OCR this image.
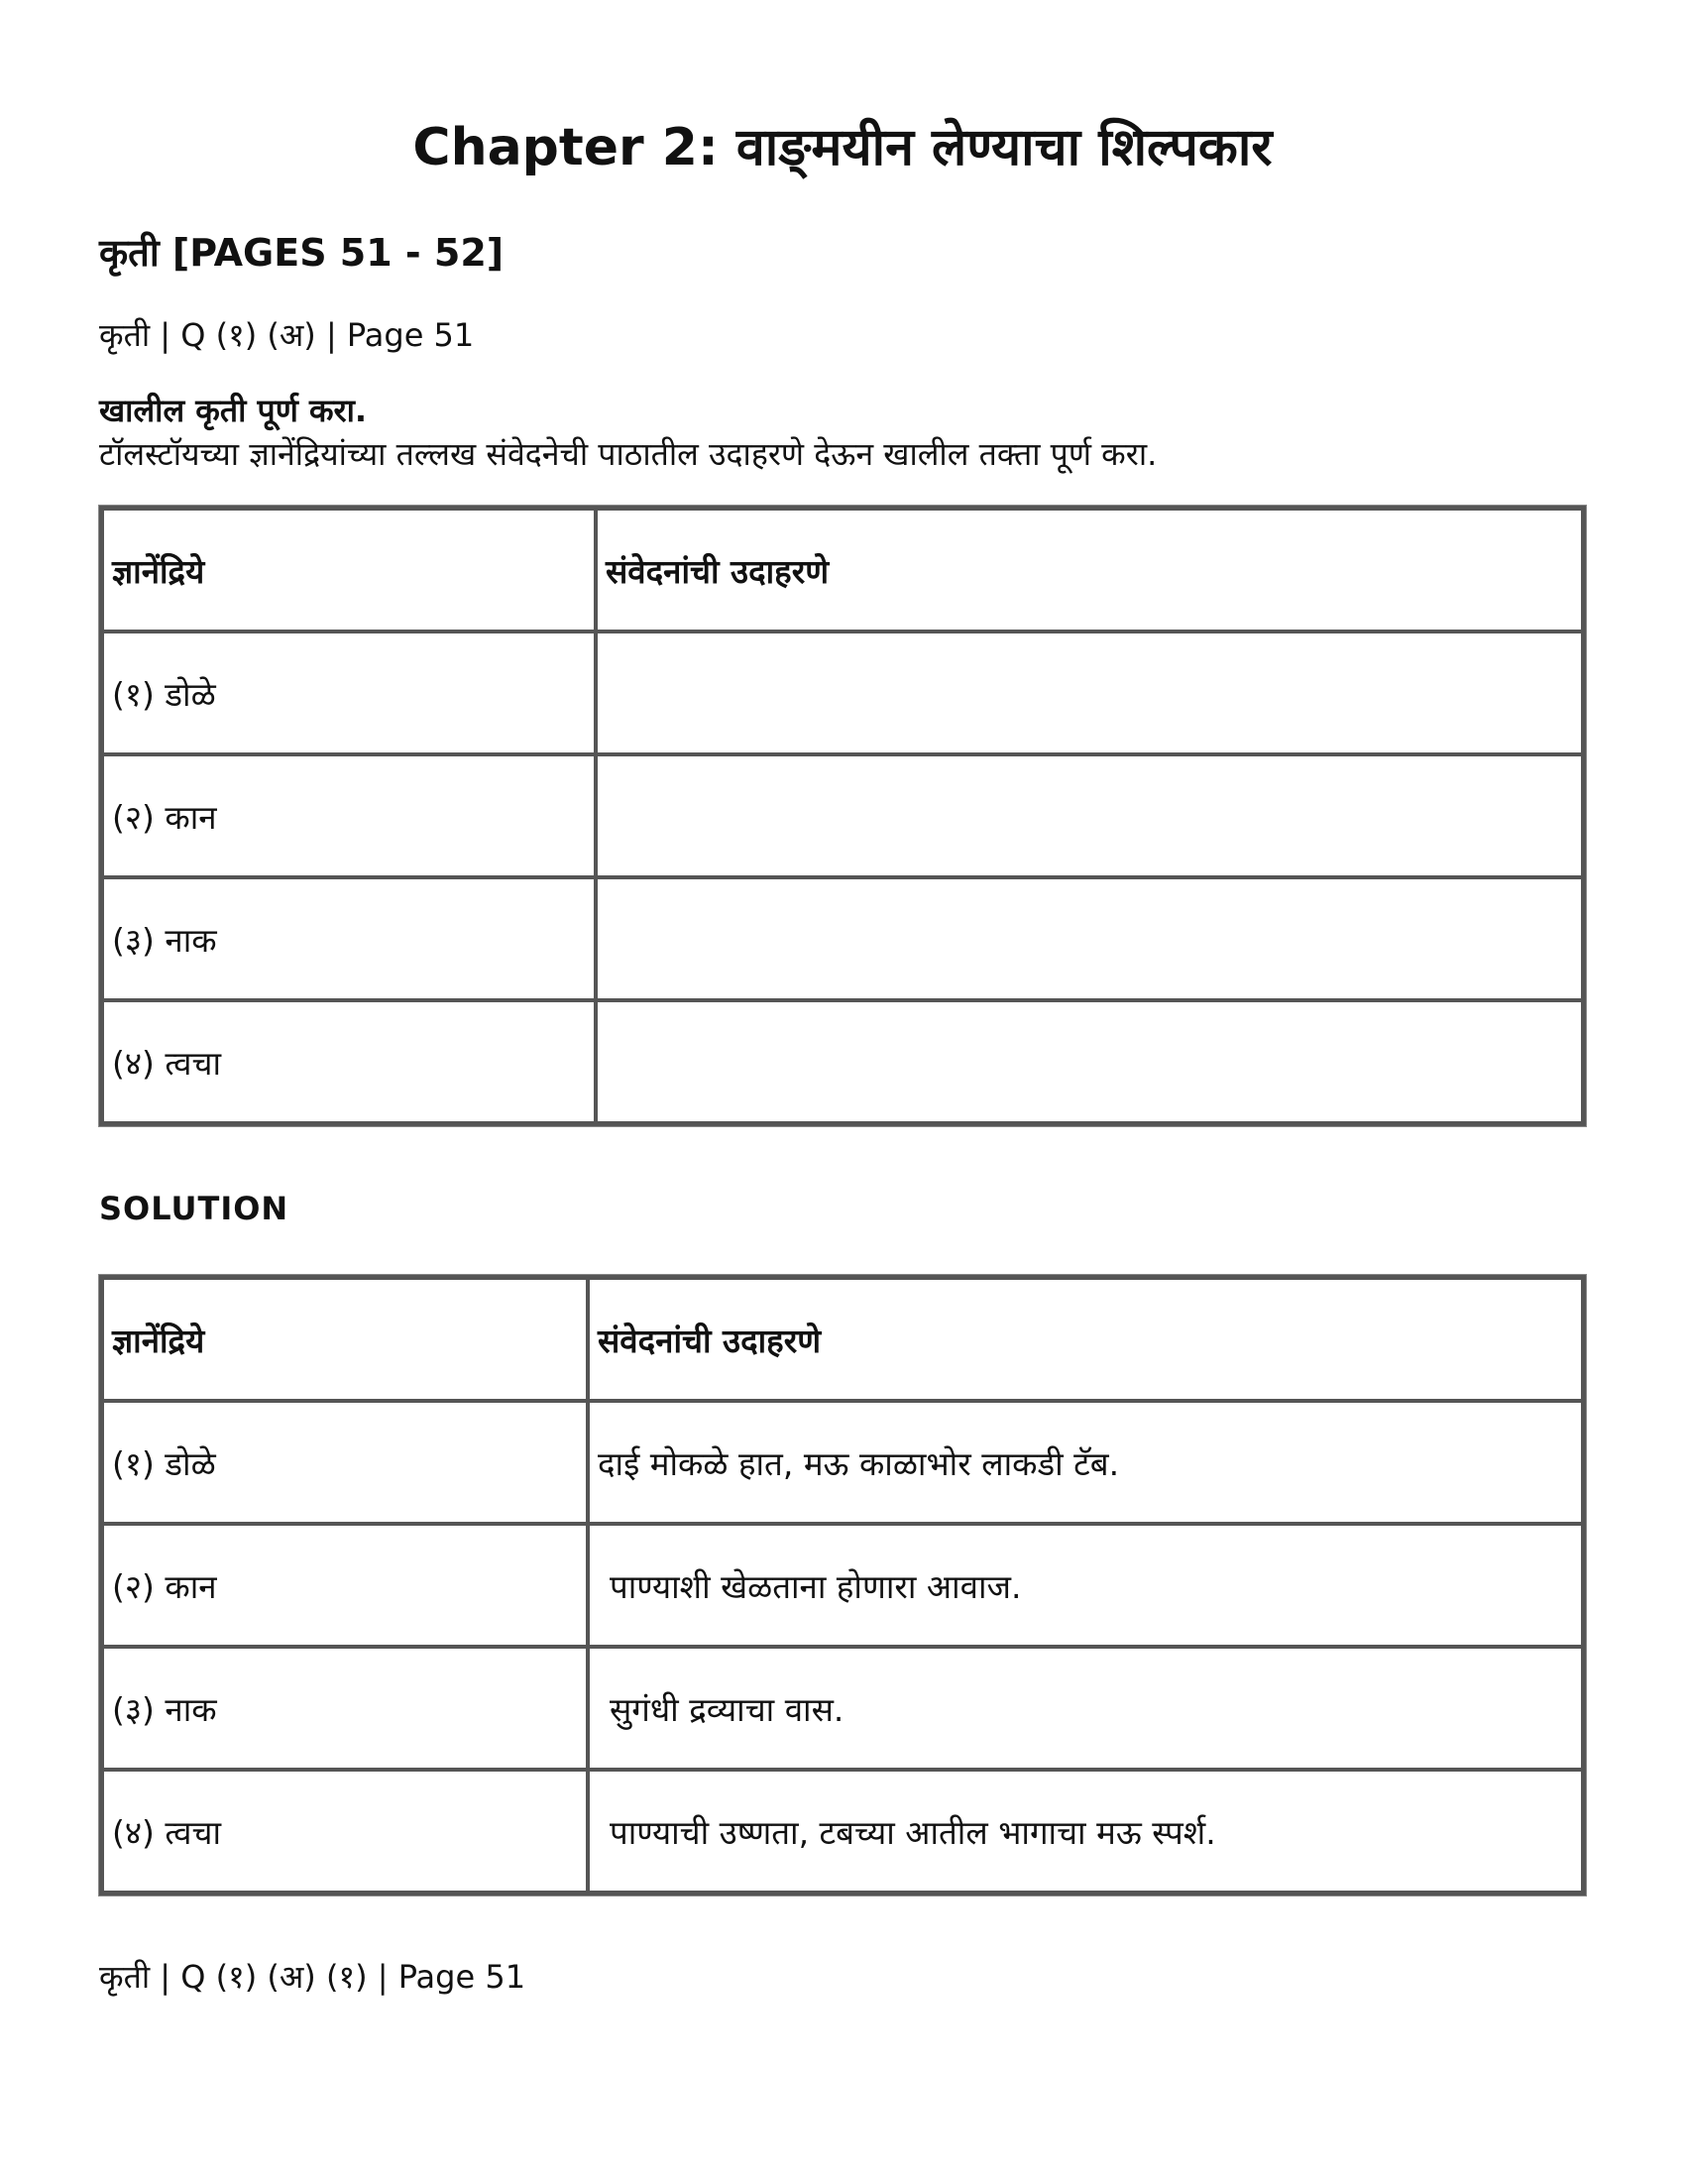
Chapter 2: वाङ्‌मयीन लेण्याचा शिल्पकार
कृती [PAGES 51 - 52]

कृती | Q (१) (अ) | Page 51

खालील कृती पूर्ण करा.

टॉलस्टॉयच्या ज्ञानेंद्रियांच्या तल्लख संवेदनेची पाठातील उदाहरणे देऊन खालील तक्ता पूर्ण करा.

ज्ञानेंद्रिये	संवेदनांची उदाहरणे

(१) डोळे	

(२) कान	

(३) नाक	

(४) त्वचा	

SOLUTION

ज्ञानेंद्रिये	संवेदनांची उदाहरणे

(१) डोळे	दाई मोकळे हात, मऊ काळाभोर लाकडी टॅब.

(२) कान	पाण्याशी खेळताना होणारा आवाज.

(३) नाक	सुगंधी द्रव्याचा वास.

(४) त्वचा	पाण्याची उष्णता, टबच्या आतील भागाचा मऊ स्पर्श.

कृती | Q (१) (अ) (१) | Page 51
